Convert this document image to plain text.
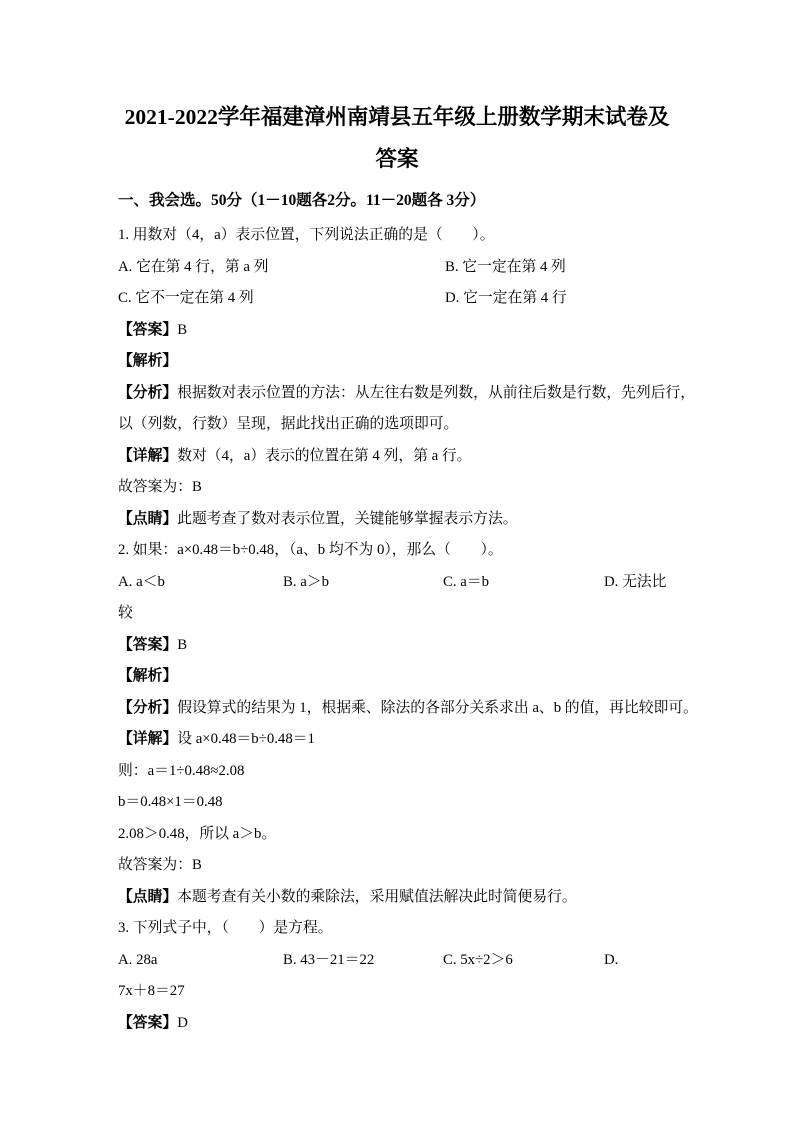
2021-2022学年福建漳州南靖县五年级上册数学期末试卷及
答案
一、我会选。50分（1－10题各2分。11－20题各 3分）
1. 用数对（4，a）表示位置，下列说法正确的是（　　）。
A. 它在第 4 行，第 a 列	B. 它一定在第 4 列
C. 它不一定在第 4 列	D. 它一定在第 4 行
【答案】B
【解析】
【分析】根据数对表示位置的方法：从左往右数是列数，从前往后数是行数，先列后行，
以（列数，行数）呈现，据此找出正确的选项即可。
【详解】数对（4，a）表示的位置在第 4 列，第 a 行。
故答案为：B
【点睛】此题考查了数对表示位置，关键能够掌握表示方法。
2. 如果：a×0.48＝b÷0.48，（a、b 均不为 0），那么（　　）。
A. a＜b	B. a＞b	C. a＝b	D. 无法比
较
【答案】B
【解析】
【分析】假设算式的结果为 1，根据乘、除法的各部分关系求出 a、b 的值，再比较即可。
【详解】设 a×0.48＝b÷0.48＝1
则：a＝1÷0.48≈2.08
b＝0.48×1＝0.48
2.08＞0.48，所以 a＞b。
故答案为：B
【点睛】本题考查有关小数的乘除法，采用赋值法解决此时简便易行。
3. 下列式子中，（　　）是方程。
A. 28a	B. 43－21＝22	C. 5x÷2＞6	D.
7x＋8＝27
【答案】D
